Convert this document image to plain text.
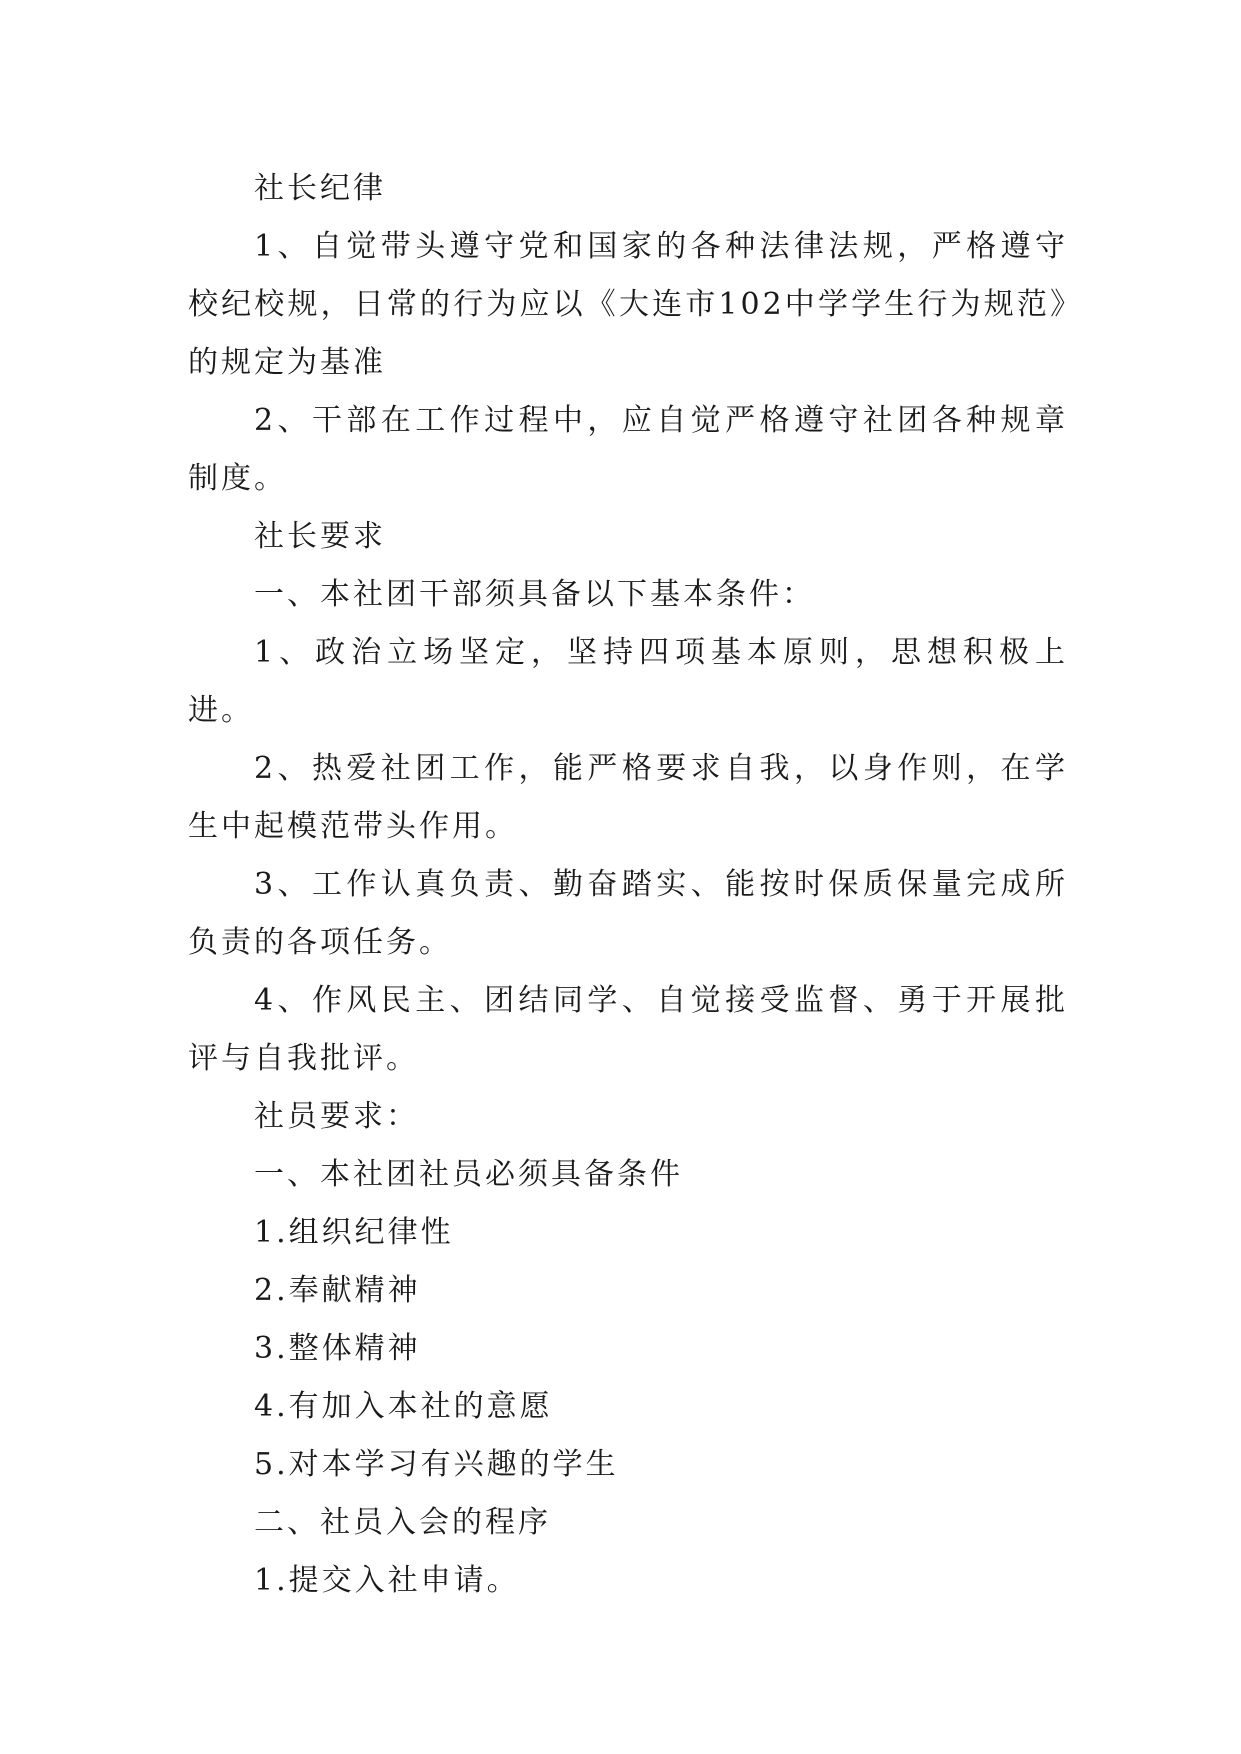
社长纪律

1、自觉带头遵守党和国家的各种法律法规，严格遵守校纪校规，日常的行为应以《大连市102中学学生行为规范》的规定为基准

2、干部在工作过程中，应自觉严格遵守社团各种规章制度。

社长要求

一、本社团干部须具备以下基本条件：

1、政治立场坚定，坚持四项基本原则，思想积极上进。

2、热爱社团工作，能严格要求自我，以身作则，在学生中起模范带头作用。

3、工作认真负责、勤奋踏实、能按时保质保量完成所负责的各项任务。

4、作风民主、团结同学、自觉接受监督、勇于开展批评与自我批评。

社员要求：

一、本社团社员必须具备条件

1.组织纪律性

2.奉献精神

3.整体精神

4.有加入本社的意愿

5.对本学习有兴趣的学生

二、社员入会的程序

1.提交入社申请。
